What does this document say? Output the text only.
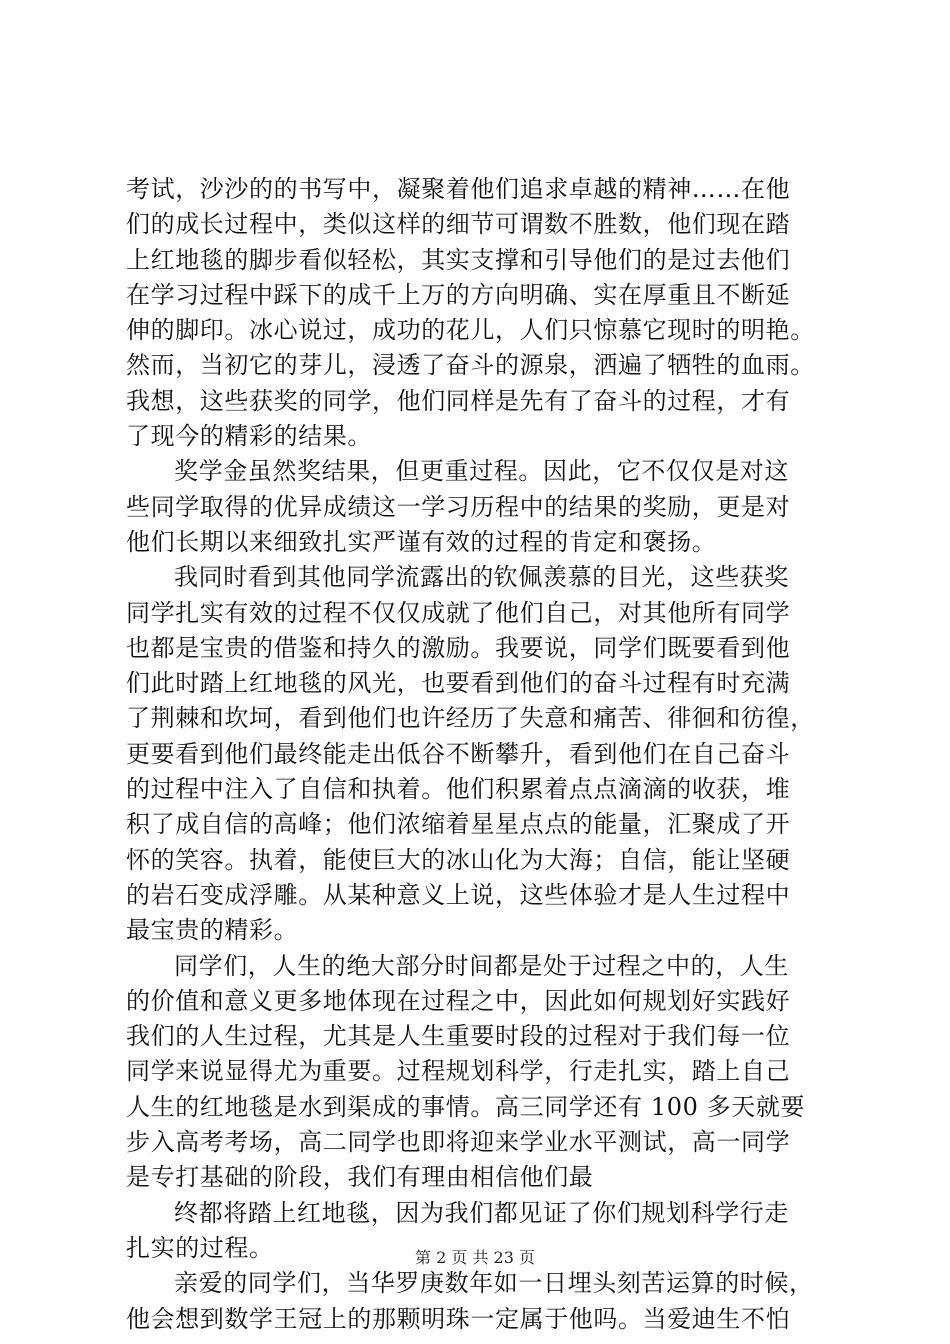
考试，沙沙的的书写中，凝聚着他们追求卓越的精神……在他
们的成长过程中，类似这样的细节可谓数不胜数，他们现在踏
上红地毯的脚步看似轻松，其实支撑和引导他们的是过去他们
在学习过程中踩下的成千上万的方向明确、实在厚重且不断延
伸的脚印。冰心说过，成功的花儿，人们只惊慕它现时的明艳。
然而，当初它的芽儿，浸透了奋斗的源泉，洒遍了牺牲的血雨。
我想，这些获奖的同学，他们同样是先有了奋斗的过程，才有
了现今的精彩的结果。

奖学金虽然奖结果，但更重过程。因此，它不仅仅是对这
些同学取得的优异成绩这一学习历程中的结果的奖励，更是对
他们长期以来细致扎实严谨有效的过程的肯定和褒扬。

我同时看到其他同学流露出的钦佩羡慕的目光，这些获奖
同学扎实有效的过程不仅仅成就了他们自己，对其他所有同学
也都是宝贵的借鉴和持久的激励。我要说，同学们既要看到他
们此时踏上红地毯的风光，也要看到他们的奋斗过程有时充满
了荆棘和坎坷，看到他们也许经历了失意和痛苦、徘徊和彷徨，
更要看到他们最终能走出低谷不断攀升，看到他们在自己奋斗
的过程中注入了自信和执着。他们积累着点点滴滴的收获，堆
积了成自信的高峰；他们浓缩着星星点点的能量，汇聚成了开
怀的笑容。执着，能使巨大的冰山化为大海；自信，能让坚硬
的岩石变成浮雕。从某种意义上说，这些体验才是人生过程中
最宝贵的精彩。

同学们，人生的绝大部分时间都是处于过程之中的，人生
的价值和意义更多地体现在过程之中，因此如何规划好实践好
我们的人生过程，尤其是人生重要时段的过程对于我们每一位
同学来说显得尤为重要。过程规划科学，行走扎实，踏上自己
人生的红地毯是水到渠成的事情。高三同学还有 100 多天就要
步入高考考场，高二同学也即将迎来学业水平测试，高一同学
是专打基础的阶段，我们有理由相信他们最

终都将踏上红地毯，因为我们都见证了你们规划科学行走
扎实的过程。

亲爱的同学们，当华罗庚数年如一日埋头刻苦运算的时候，
他会想到数学王冠上的那颗明珠一定属于他吗。当爱迪生不怕

第 2 页 共 23 页
